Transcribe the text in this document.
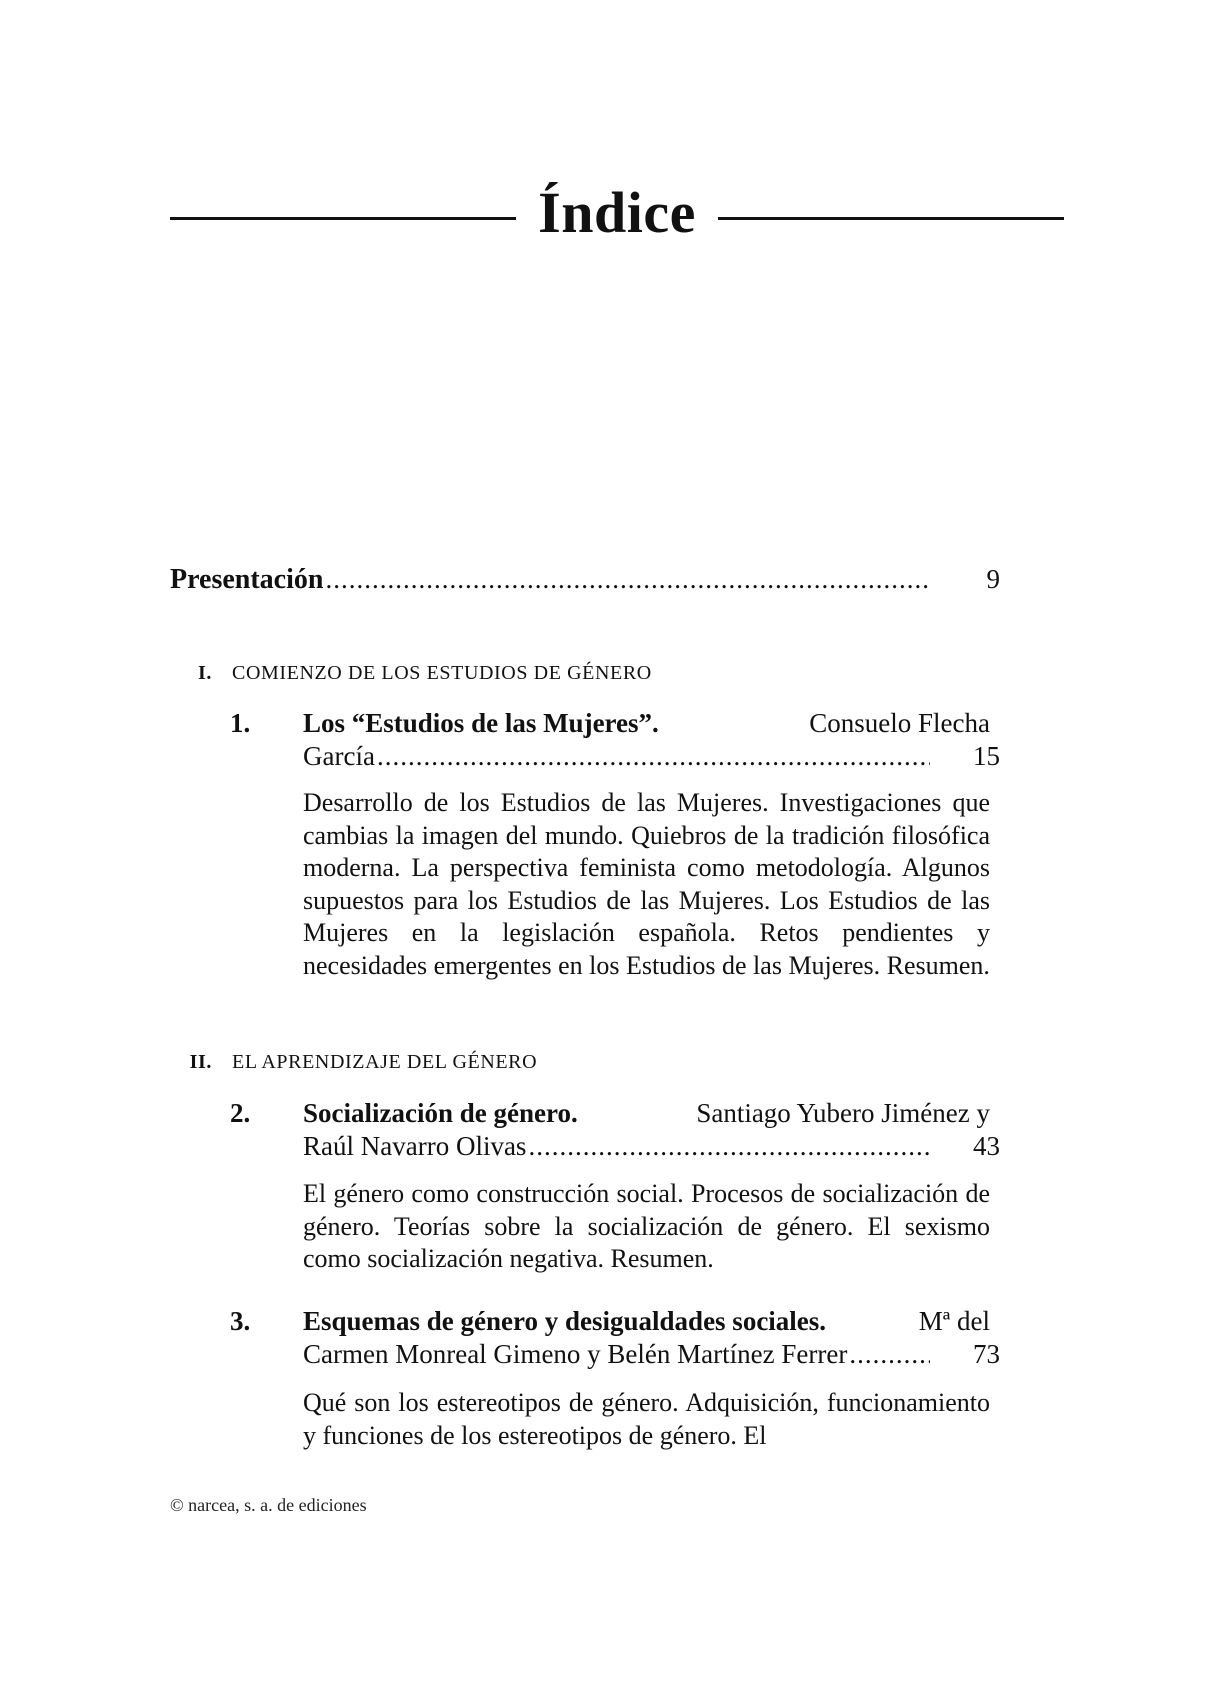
Índice
Presentación .....	9
I.	COMIENZO DE LOS ESTUDIOS DE GÉNERO
1.	Los “Estudios de las Mujeres”.	Consuelo Flecha
García .....	15
Desarrollo de los Estudios de las Mujeres. Investigaciones que cambias la imagen del mundo. Quiebros de la tradición filosófica moderna. La perspectiva feminista como metodología. Algunos supuestos para los Estudios de las Mujeres. Los Estudios de las Mujeres en la legislación española. Retos pendientes y necesidades emergentes en los Estudios de las Mujeres. Resumen.
II.	EL APRENDIZAJE DEL GÉNERO
2.	Socialización de género.	Santiago Yubero Jiménez y
Raúl Navarro Olivas .....	43
El género como construcción social. Procesos de socialización de género. Teorías sobre la socialización de género. El sexismo como socialización negativa. Resumen.
3.	Esquemas de género y desigualdades sociales.	Mª del
Carmen Monreal Gimeno y Belén Martínez Ferrer .....	73
Qué son los estereotipos de género. Adquisición, funcionamiento y funciones de los estereotipos de género. El
© narcea, s. a. de ediciones
